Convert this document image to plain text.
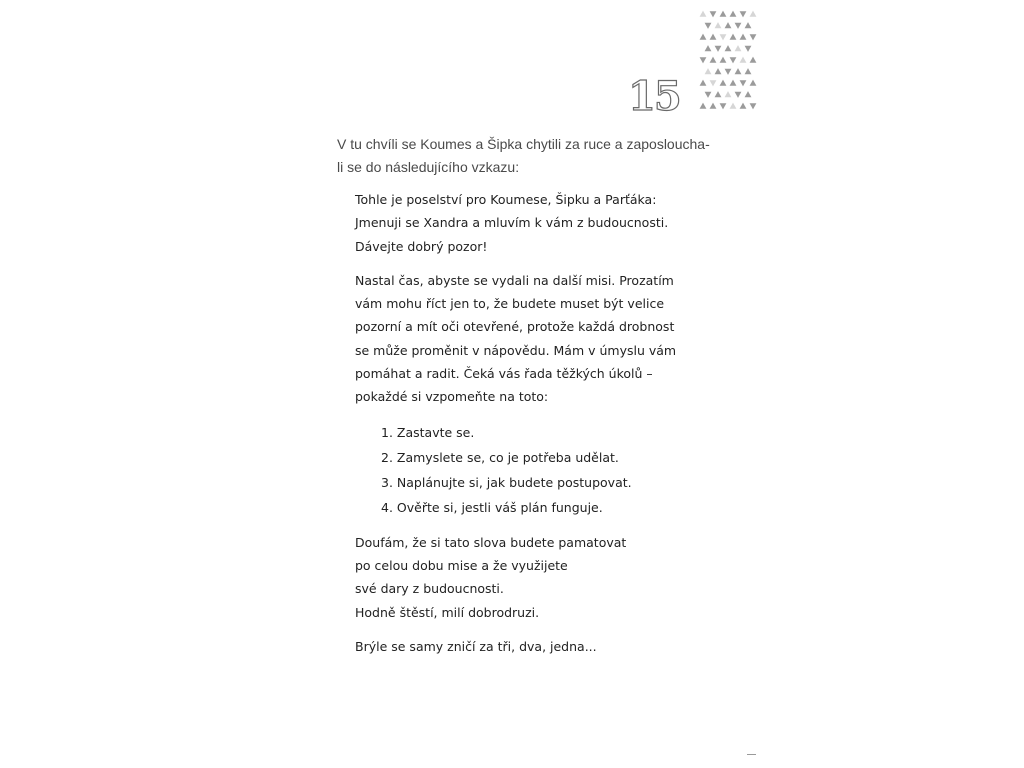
15
V tu chvíli se Koumes a Šipka chytili za ruce a zaposloucha-
li se do následujícího vzkazu:

Tohle je poselství pro Koumese, Šipku a Parťáka:
Jmenuji se Xandra a mluvím k vám z budoucnosti.
Dávejte dobrý pozor!

Nastal čas, abyste se vydali na další misi. Prozatím
vám mohu říct jen to, že budete muset být velice
pozorní a mít oči otevřené, protože každá drobnost
se může proměnit v nápovědu. Mám v úmyslu vám
pomáhat a radit. Čeká vás řada těžkých úkolů –
pokaždé si vzpomeňte na toto:

1. Zastavte se.
2. Zamyslete se, co je potřeba udělat.
3. Naplánujte si, jak budete postupovat.
4. Ověřte si, jestli váš plán funguje.

Doufám, že si tato slova budete pamatovat
po celou dobu mise a že využijete
své dary z budoucnosti.
Hodně štěstí, milí dobrodruzi.

Brýle se samy zničí za tři, dva, jedna...
